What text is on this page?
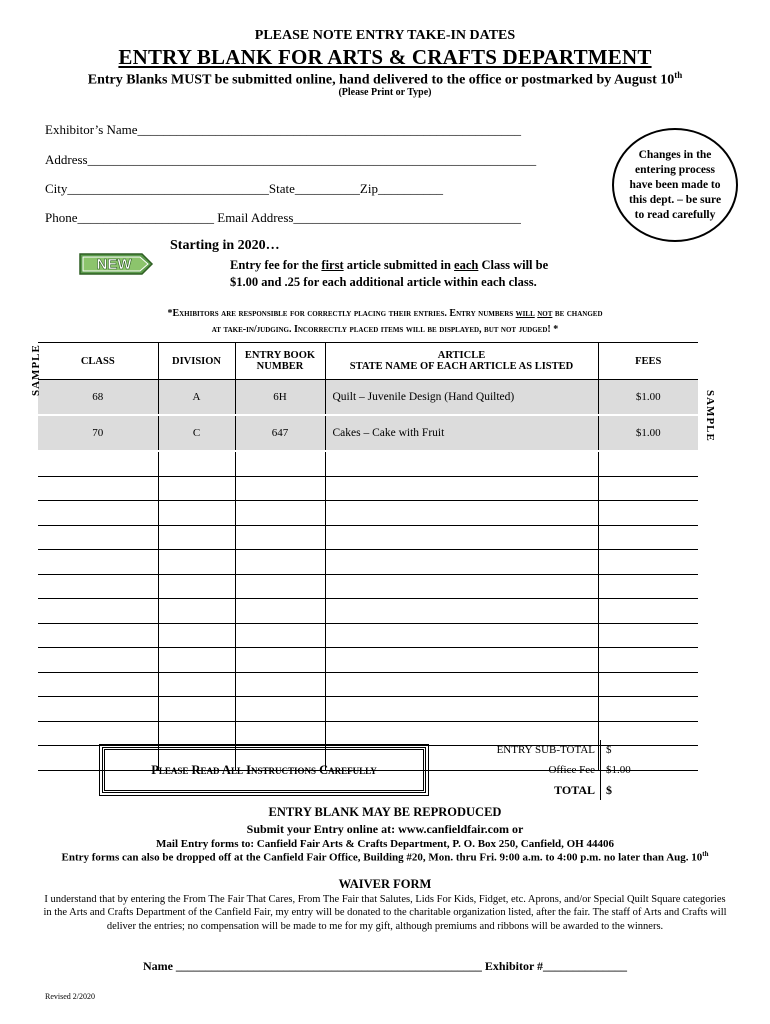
PLEASE NOTE ENTRY TAKE-IN DATES
ENTRY BLANK FOR ARTS & CRAFTS DEPARTMENT
Entry Blanks MUST be submitted online, hand delivered to the office or postmarked by August 10th
(Please Print or Type)
Exhibitor’s Name___________________________________________________________
Address_____________________________________________________________________
City_______________________________State__________Zip__________
Phone_____________________ Email Address___________________________________
Changes in the entering process have been made to this dept. – be sure to read carefully
NEW
Starting in 2020…
Entry fee for the first article submitted in each Class will be
$1.00 and .25 for each additional article within each class.
*Exhibitors are responsible for correctly placing their entries. Entry numbers will not be changed
at take-in/judging. Incorrectly placed items will be displayed, but not judged! *
CLASS	DIVISION	ENTRY BOOK NUMBER	ARTICLE
STATE NAME OF EACH ARTICLE AS LISTED	FEES
68	A	6H	Quilt – Juvenile Design (Hand Quilted)	$1.00
70	C	647	Cakes – Cake with Fruit	$1.00

SAMPLE
SAMPLE
Please Read All Instructions Carefully
ENTRY SUB-TOTAL	$
Office Fee	$1.00
TOTAL	$
ENTRY BLANK MAY BE REPRODUCED
Submit your Entry online at: www.canfieldfair.com or
Mail Entry forms to: Canfield Fair Arts & Crafts Department, P. O. Box 250, Canfield, OH 44406
Entry forms can also be dropped off at the Canfield Fair Office, Building #20, Mon. thru Fri. 9:00 a.m. to 4:00 p.m. no later than Aug. 10th
WAIVER FORM
I understand that by entering the From The Fair That Cares, From The Fair that Salutes, Lids For Kids, Fidget, etc. Aprons, and/or Special Quilt Square categories in the Arts and Crafts Department of the Canfield Fair, my entry will be donated to the charitable organization listed, after the fair. The staff of Arts and Crafts will deliver the entries; no compensation will be made to me for my gift, although premiums and ribbons will be awarded to the winners.
Name ___________________________________________________ Exhibitor #______________
Revised 2/2020
